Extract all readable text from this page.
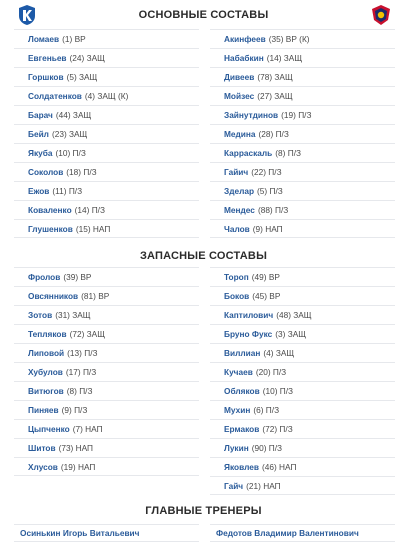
ОСНОВНЫЕ СОСТАВЫ
Ломаев (1) ВР
Евгеньев (24) ЗАЩ
Горшков (5) ЗАЩ
Солдатенков (4) ЗАЩ (К)
Барач (44) ЗАЩ
Бейл (23) ЗАЩ
Якуба (10) П/З
Соколов (18) П/З
Ежов (11) П/З
Коваленко (14) П/З
Глушенков (15) НАП
Акинфеев (35) ВР (К)
Набабкин (14) ЗАЩ
Дивеев (78) ЗАЩ
Мойзес (27) ЗАЩ
Зайнутдинов (19) П/З
Медина (28) П/З
Карраскаль (8) П/З
Гайич (22) П/З
Зделар (5) П/З
Мендес (88) П/З
Чалов (9) НАП
ЗАПАСНЫЕ СОСТАВЫ
Фролов (39) ВР
Овсянников (81) ВР
Зотов (31) ЗАЩ
Тепляков (72) ЗАЩ
Липовой (13) П/З
Хубулов (17) П/З
Витюгов (8) П/З
Пиняев (9) П/З
Цыпченко (7) НАП
Шитов (73) НАП
Хлусов (19) НАП
Тороп (49) ВР
Боков (45) ВР
Каптилович (48) ЗАЩ
Бруно Фукс (3) ЗАЩ
Виллиан (4) ЗАЩ
Кучаев (20) П/З
Обляков (10) П/З
Мухин (6) П/З
Ермаков (72) П/З
Лукин (90) П/З
Яковлев (46) НАП
Гайч (21) НАП
ГЛАВНЫЕ ТРЕНЕРЫ
Осинькин Игорь Витальевич	Федотов Владимир Валентинович
